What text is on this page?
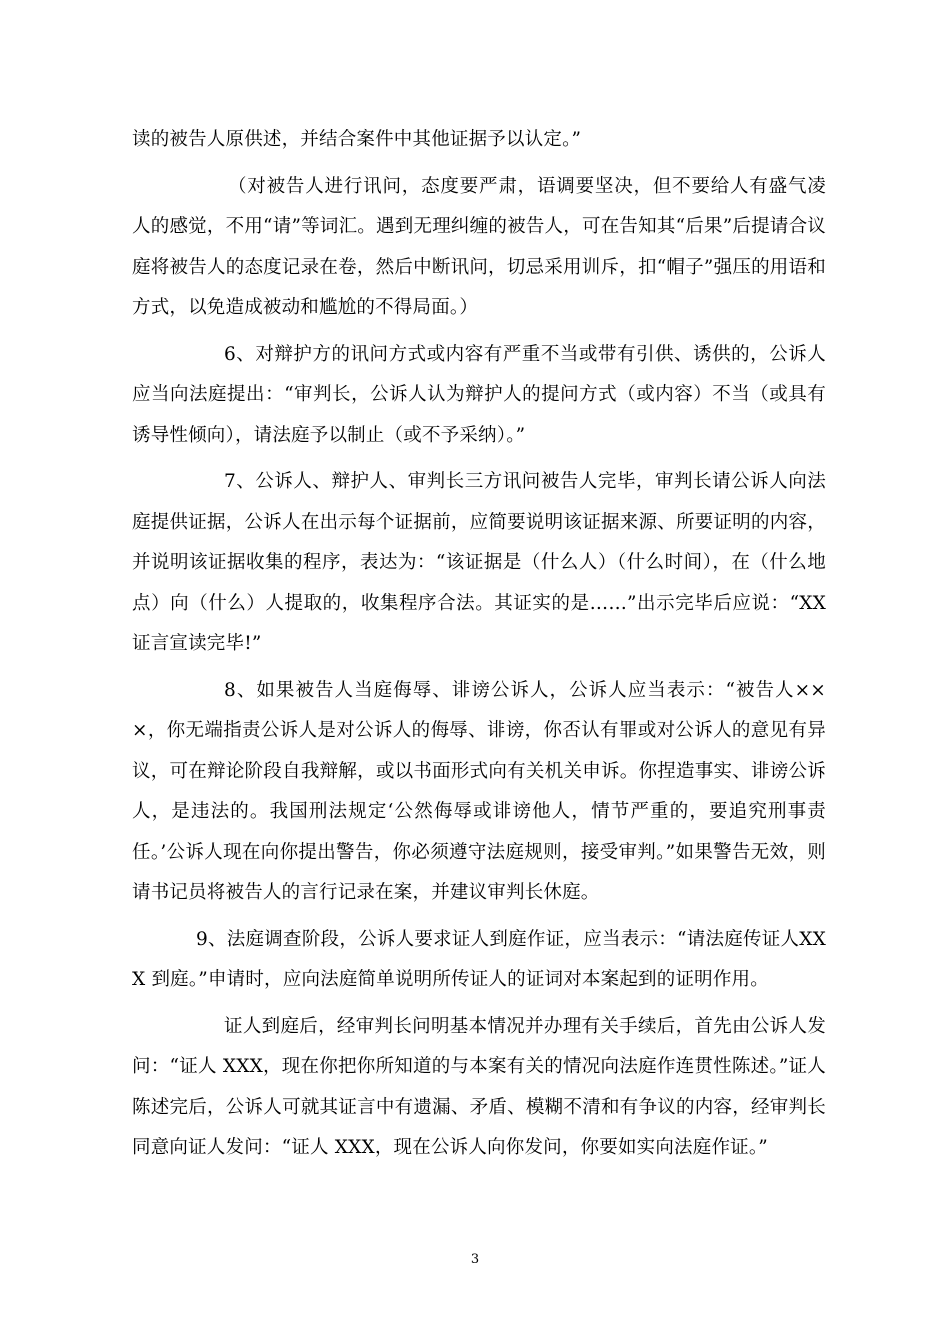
读的被告人原供述，并结合案件中其他证据予以认定。”

（对被告人进行讯问，态度要严肃，语调要坚决，但不要给人有盛气凌人的感觉，不用“请”等词汇。遇到无理纠缠的被告人，可在告知其“后果”后提请合议庭将被告人的态度记录在卷，然后中断讯问，切忌采用训斥，扣“帽子”强压的用语和方式，以免造成被动和尴尬的不得局面。）

6、对辩护方的讯问方式或内容有严重不当或带有引供、诱供的，公诉人应当向法庭提出：“审判长，公诉人认为辩护人的提问方式（或内容）不当（或具有诱导性倾向），请法庭予以制止（或不予采纳）。”

7、公诉人、辩护人、审判长三方讯问被告人完毕，审判长请公诉人向法庭提供证据，公诉人在出示每个证据前，应简要说明该证据来源、所要证明的内容，并说明该证据收集的程序，表达为：“该证据是（什么人）（什么时间），在（什么地点）向（什么）人提取的，收集程序合法。其证实的是……”出示完毕后应说：“XX证言宣读完毕!”

8、如果被告人当庭侮辱、诽谤公诉人，公诉人应当表示：“被告人×××，你无端指责公诉人是对公诉人的侮辱、诽谤，你否认有罪或对公诉人的意见有异议，可在辩论阶段自我辩解，或以书面形式向有关机关申诉。你捏造事实、诽谤公诉人，是违法的。我国刑法规定‘公然侮辱或诽谤他人，情节严重的，要追究刑事责任。’公诉人现在向你提出警告，你必须遵守法庭规则，接受审判。”如果警告无效，则请书记员将被告人的言行记录在案，并建议审判长休庭。

9、法庭调查阶段，公诉人要求证人到庭作证，应当表示：“请法庭传证人XXX 到庭。”申请时，应向法庭简单说明所传证人的证词对本案起到的证明作用。

证人到庭后，经审判长问明基本情况并办理有关手续后，首先由公诉人发问：“证人 XXX，现在你把你所知道的与本案有关的情况向法庭作连贯性陈述。”证人陈述完后，公诉人可就其证言中有遗漏、矛盾、模糊不清和有争议的内容，经审判长同意向证人发问：“证人 XXX，现在公诉人向你发问，你要如实向法庭作证。”

3
